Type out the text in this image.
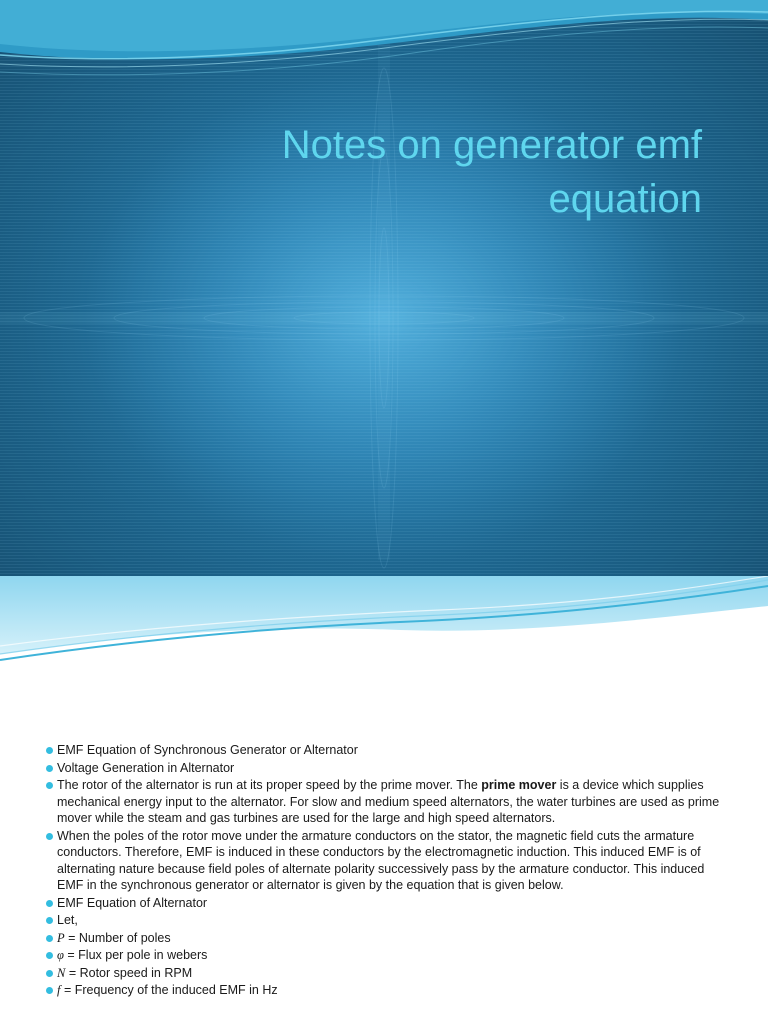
Notes on generator emf
equation
EMF Equation of Synchronous Generator or Alternator
Voltage Generation in Alternator
The rotor of the alternator is run at its proper speed by the prime mover. The prime mover is a device which supplies mechanical energy input to the alternator. For slow and medium speed alternators, the water turbines are used as prime mover while the steam and gas turbines are used for the large and high speed alternators.
When the poles of the rotor move under the armature conductors on the stator, the magnetic field cuts the armature conductors. Therefore, EMF is induced in these conductors by the electromagnetic induction. This induced EMF is of alternating nature because field poles of alternate polarity successively pass by the armature conductor. This induced EMF in the synchronous generator or alternator is given by the equation that is given below.
EMF Equation of Alternator
Let,
P = Number of poles
φ = Flux per pole in webers
N = Rotor speed in RPM
f = Frequency of the induced EMF in Hz
